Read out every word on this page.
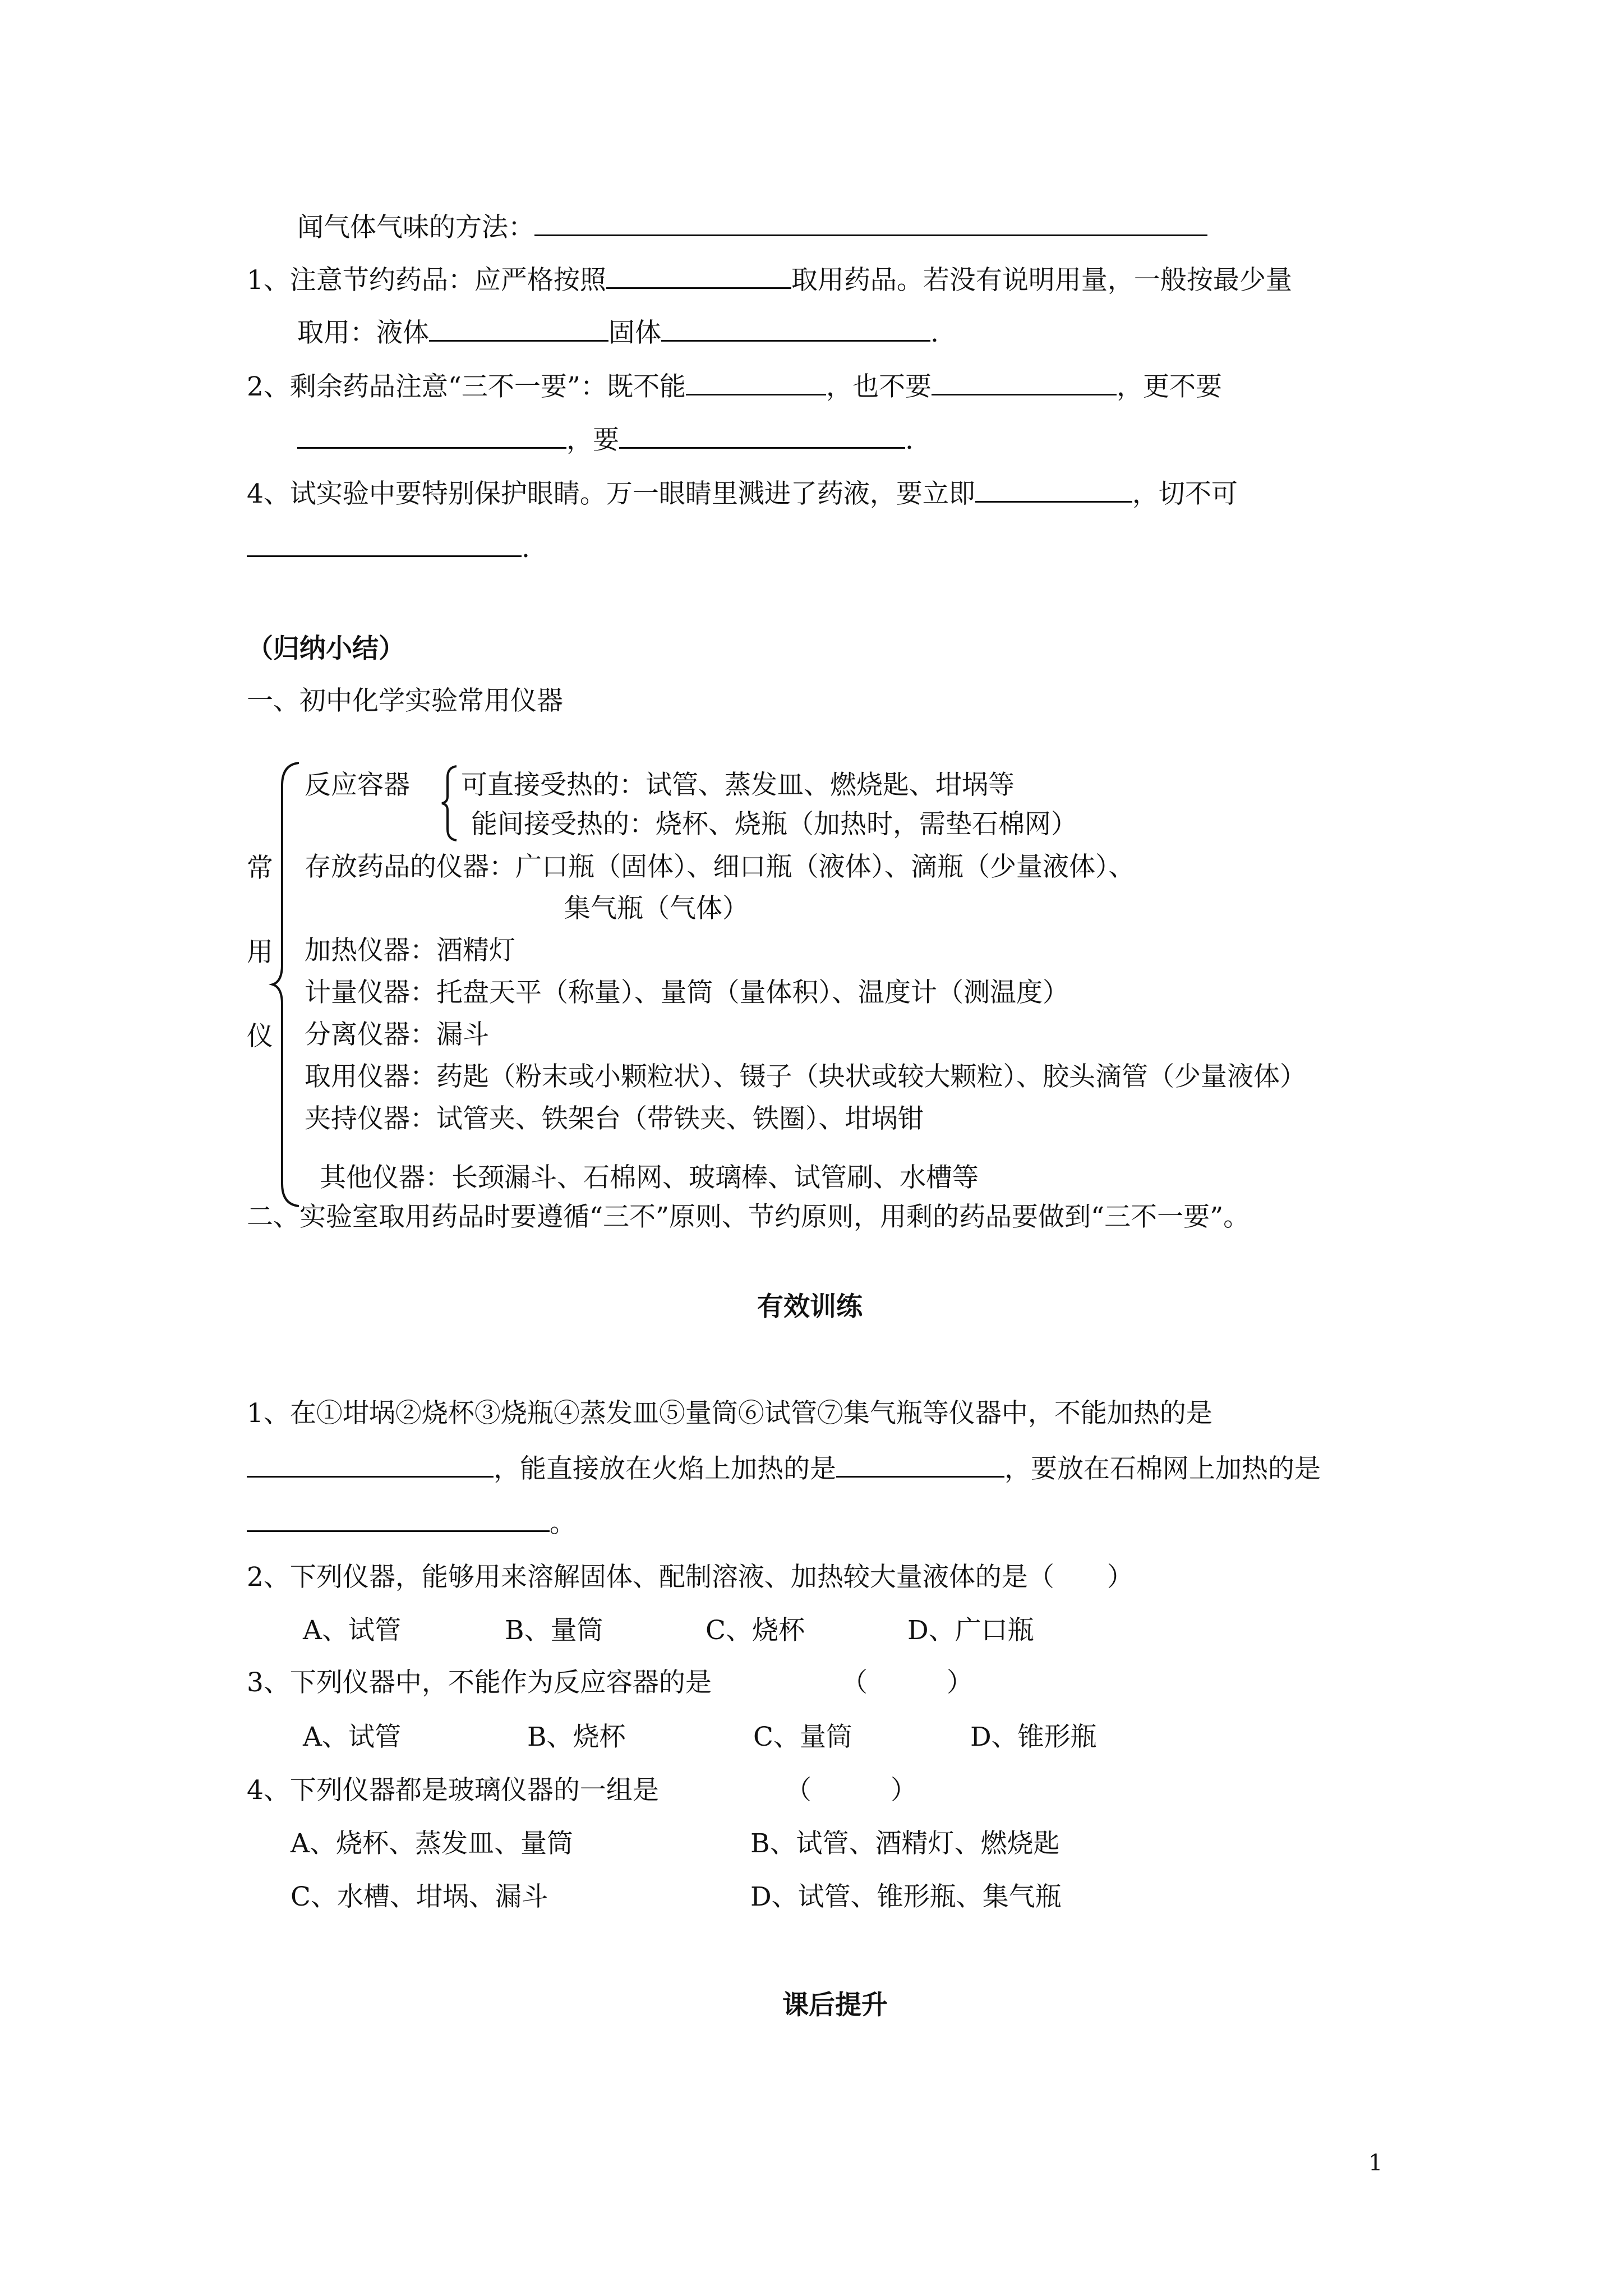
闻气体气味的方法：
1、注意节约药品：应严格按照	取用药品。若没有说明用量，一般按最少量
取用：液体	固体	.
2、剩余药品注意“三不一要”：既不能	，也不要	，更不要
，要	.
4、试实验中要特别保护眼睛。万一眼睛里溅进了药液，要立即	，切不可
.
（归纳小结）
一、初中化学实验常用仪器
常
用
仪
反应容器 可直接受热的：试管、蒸发皿、燃烧匙、坩埚等
能间接受热的：烧杯、烧瓶（加热时，需垫石棉网）
存放药品的仪器：广口瓶（固体）、细口瓶（液体）、滴瓶（少量液体）、
集气瓶（气体）
加热仪器：酒精灯
计量仪器：托盘天平（称量）、量筒（量体积）、温度计（测温度）
分离仪器：漏斗
取用仪器：药匙（粉末或小颗粒状）、镊子（块状或较大颗粒）、胶头滴管（少量液体）
夹持仪器：试管夹、铁架台（带铁夹、铁圈）、坩埚钳
其他仪器：长颈漏斗、石棉网、玻璃棒、试管刷、水槽等
二、实验室取用药品时要遵循“三不”原则、节约原则，用剩的药品要做到“三不一要”。
有效训练
1、在①坩埚②烧杯③烧瓶④蒸发皿⑤量筒⑥试管⑦集气瓶等仪器中，不能加热的是
，能直接放在火焰上加热的是	，要放在石棉网上加热的是
。
2、下列仪器，能够用来溶解固体、配制溶液、加热较大量液体的是（　　）
A、试管	B、量筒	C、烧杯	D、广口瓶
3、下列仪器中，不能作为反应容器的是	（　　　）
A、试管	B、烧杯	C、量筒	D、锥形瓶
4、下列仪器都是玻璃仪器的一组是	（　　　）
A、烧杯、蒸发皿、量筒	B、试管、酒精灯、燃烧匙
C、水槽、坩埚、漏斗	D、试管、锥形瓶、集气瓶
课后提升
1
